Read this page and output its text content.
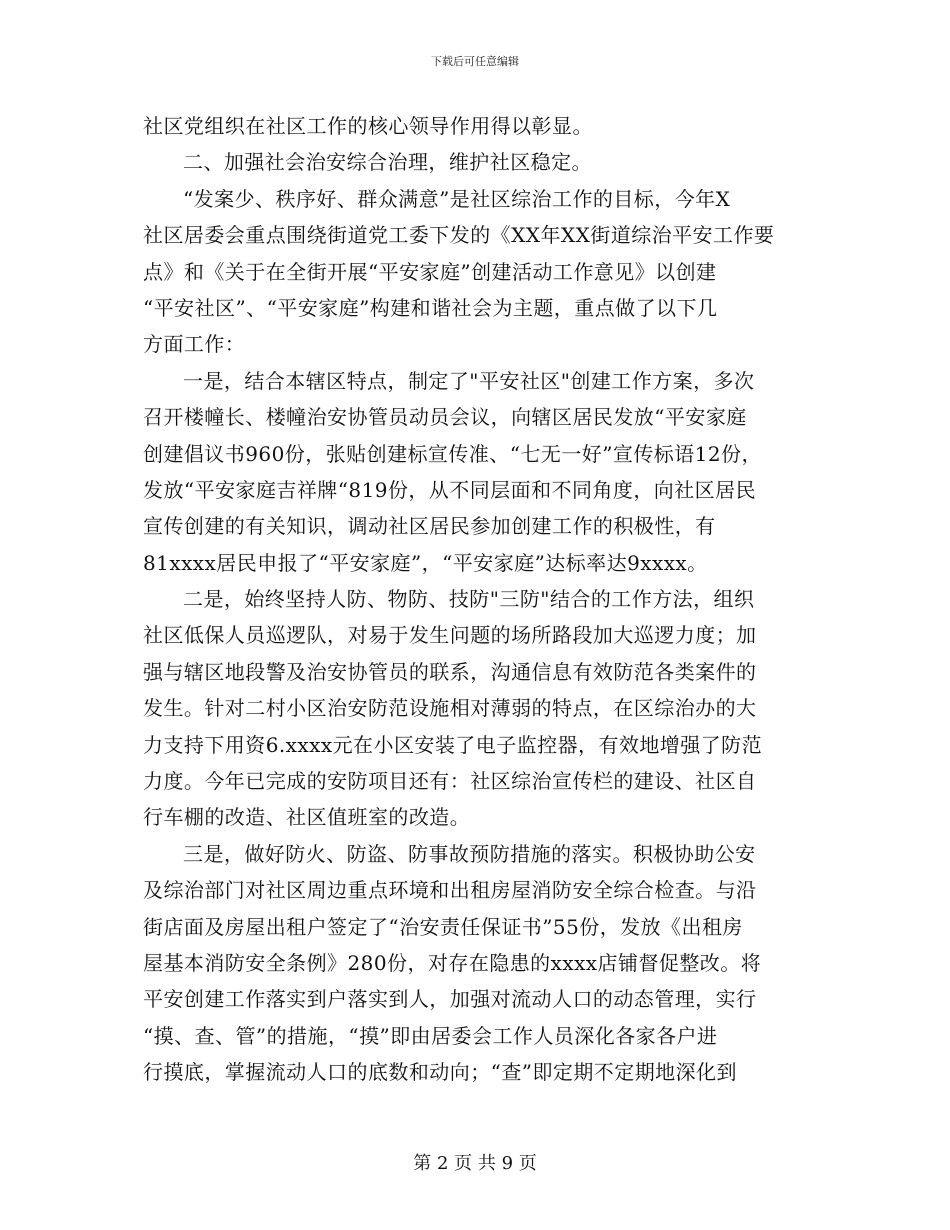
下载后可任意编辑
社区党组织在社区工作的核心领导作用得以彰显。
二、加强社会治安综合治理，维护社区稳定。
“发案少、秩序好、群众满意”是社区综治工作的目标，今年X
社区居委会重点围绕街道党工委下发的《XX年XX街道综治平安工作要
点》和《关于在全街开展“平安家庭”创建活动工作意见》以创建
“平安社区”、“平安家庭”构建和谐社会为主题，重点做了以下几
方面工作：
一是，结合本辖区特点，制定了"平安社区"创建工作方案，多次
召开楼幢长、楼幢治安协管员动员会议，向辖区居民发放“平安家庭
创建倡议书960份，张贴创建标宣传准、“七无一好”宣传标语12份，
发放“平安家庭吉祥牌“819份，从不同层面和不同角度，向社区居民
宣传创建的有关知识，调动社区居民参加创建工作的积极性，有
81xxxx居民申报了“平安家庭”，“平安家庭”达标率达9xxxx。
二是，始终坚持人防、物防、技防"三防"结合的工作方法，组织
社区低保人员巡逻队，对易于发生问题的场所路段加大巡逻力度；加
强与辖区地段警及治安协管员的联系，沟通信息有效防范各类案件的
发生。针对二村小区治安防范设施相对薄弱的特点，在区综治办的大
力支持下用资6.xxxx元在小区安装了电子监控器，有效地增强了防范
力度。今年已完成的安防项目还有：社区综治宣传栏的建设、社区自
行车棚的改造、社区值班室的改造。
三是，做好防火、防盗、防事故预防措施的落实。积极协助公安
及综治部门对社区周边重点环境和出租房屋消防安全综合检查。与沿
街店面及房屋出租户签定了“治安责任保证书”55份，发放《出租房
屋基本消防安全条例》280份，对存在隐患的xxxx店铺督促整改。将
平安创建工作落实到户落实到人，加强对流动人口的动态管理，实行
“摸、查、管”的措施，“摸”即由居委会工作人员深化各家各户进
行摸底，掌握流动人口的底数和动向；“查”即定期不定期地深化到
第 2 页 共 9 页
